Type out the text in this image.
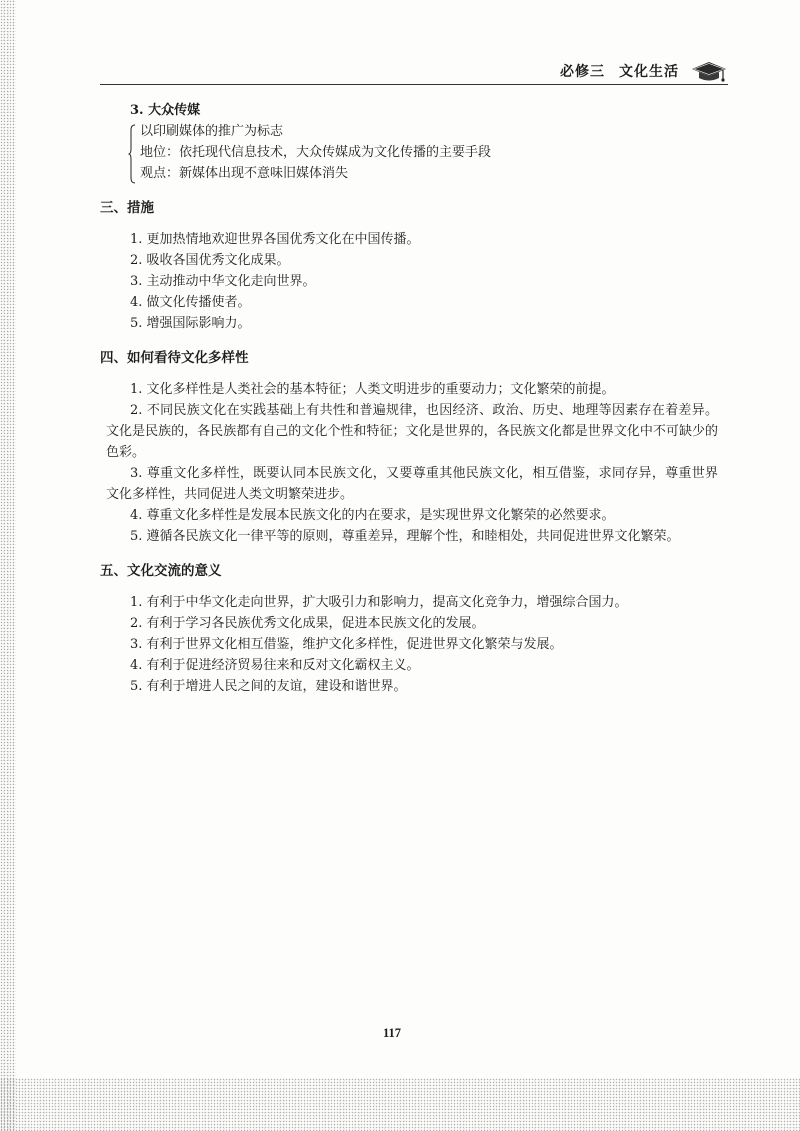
必修三 文化生活
3. 大众传媒
以印刷媒体的推广为标志
地位：依托现代信息技术，大众传媒成为文化传播的主要手段
观点：新媒体出现不意味旧媒体消失
三、措施
1. 更加热情地欢迎世界各国优秀文化在中国传播。
2. 吸收各国优秀文化成果。
3. 主动推动中华文化走向世界。
4. 做文化传播使者。
5. 增强国际影响力。
四、如何看待文化多样性
1. 文化多样性是人类社会的基本特征；人类文明进步的重要动力；文化繁荣的前提。
2. 不同民族文化在实践基础上有共性和普遍规律，也因经济、政治、历史、地理等因素存在着差异。文化是民族的，各民族都有自己的文化个性和特征；文化是世界的，各民族文化都是世界文化中不可缺少的色彩。
3. 尊重文化多样性，既要认同本民族文化，又要尊重其他民族文化，相互借鉴，求同存异，尊重世界文化多样性，共同促进人类文明繁荣进步。
4. 尊重文化多样性是发展本民族文化的内在要求，是实现世界文化繁荣的必然要求。
5. 遵循各民族文化一律平等的原则，尊重差异，理解个性，和睦相处，共同促进世界文化繁荣。
五、文化交流的意义
1. 有利于中华文化走向世界，扩大吸引力和影响力，提高文化竞争力，增强综合国力。
2. 有利于学习各民族优秀文化成果，促进本民族文化的发展。
3. 有利于世界文化相互借鉴，维护文化多样性，促进世界文化繁荣与发展。
4. 有利于促进经济贸易往来和反对文化霸权主义。
5. 有利于增进人民之间的友谊，建设和谐世界。
117
